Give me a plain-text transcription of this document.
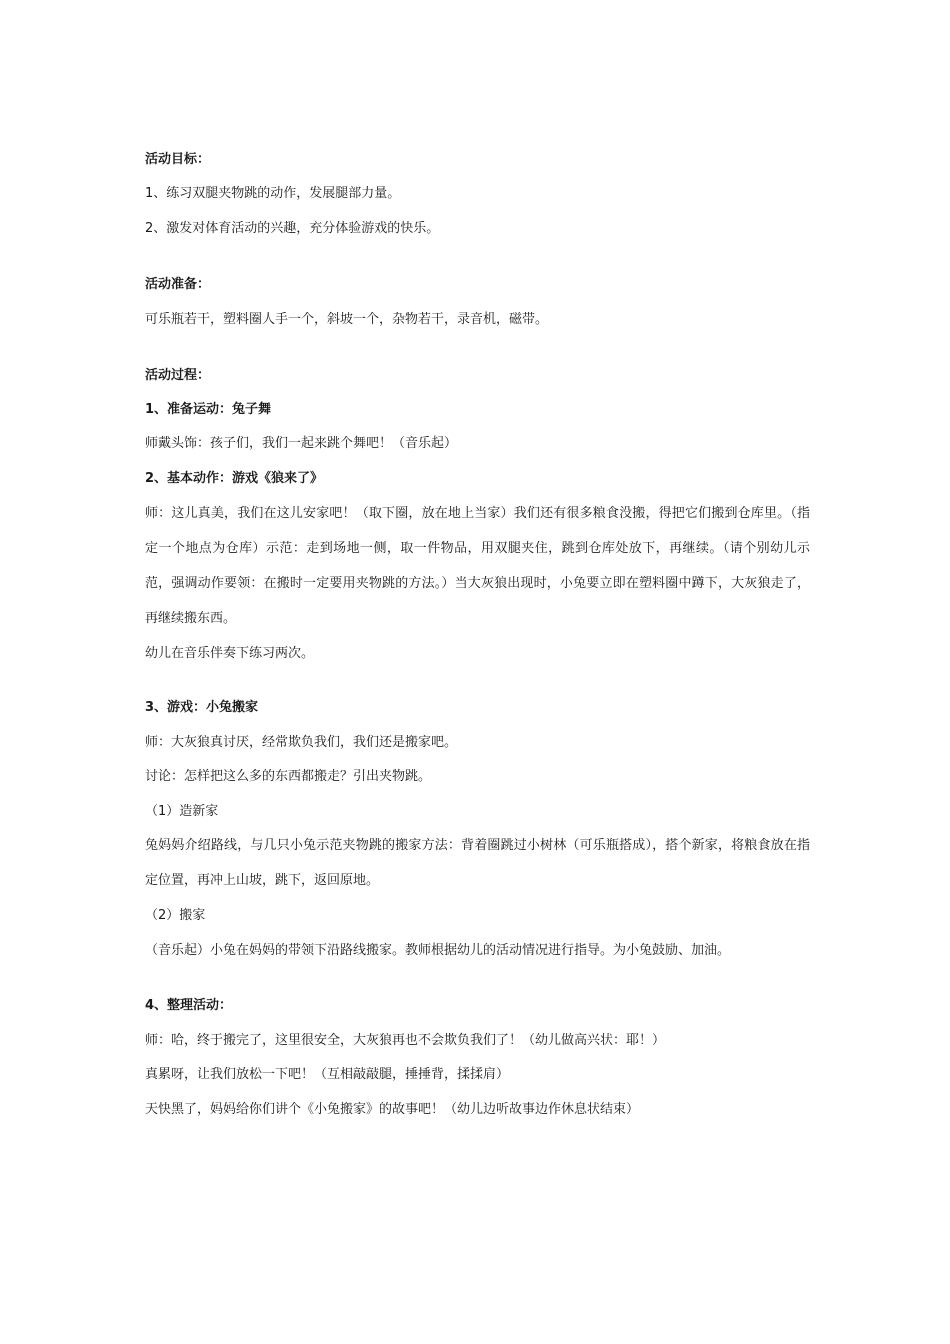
活动目标：
1、练习双腿夹物跳的动作，发展腿部力量。
2、激发对体育活动的兴趣，充分体验游戏的快乐。
活动准备：
可乐瓶若干，塑料圈人手一个，斜坡一个，杂物若干，录音机，磁带。
活动过程：
1、准备运动：兔子舞
师戴头饰：孩子们，我们一起来跳个舞吧！（音乐起）
2、基本动作：游戏《狼来了》
师：这儿真美，我们在这儿安家吧！（取下圈，放在地上当家）我们还有很多粮食没搬，得把它们搬到仓库里。（指定一个地点为仓库）示范：走到场地一侧，取一件物品，用双腿夹住，跳到仓库处放下，再继续。（请个别幼儿示范，强调动作要领：在搬时一定要用夹物跳的方法。）当大灰狼出现时，小兔要立即在塑料圈中蹲下，大灰狼走了，再继续搬东西。
幼儿在音乐伴奏下练习两次。
3、游戏：小兔搬家
师：大灰狼真讨厌，经常欺负我们，我们还是搬家吧。
讨论：怎样把这么多的东西都搬走？引出夹物跳。
（1）造新家
兔妈妈介绍路线，与几只小兔示范夹物跳的搬家方法：背着圈跳过小树林（可乐瓶搭成），搭个新家，将粮食放在指定位置，再冲上山坡，跳下，返回原地。
（2）搬家
（音乐起）小兔在妈妈的带领下沿路线搬家。教师根据幼儿的活动情况进行指导。为小兔鼓励、加油。
4、整理活动：
师：哈，终于搬完了，这里很安全，大灰狼再也不会欺负我们了！（幼儿做高兴状：耶！）
真累呀，让我们放松一下吧！（互相敲敲腿，捶捶背，揉揉肩）
天快黑了，妈妈给你们讲个《小兔搬家》的故事吧！（幼儿边听故事边作休息状结束）
